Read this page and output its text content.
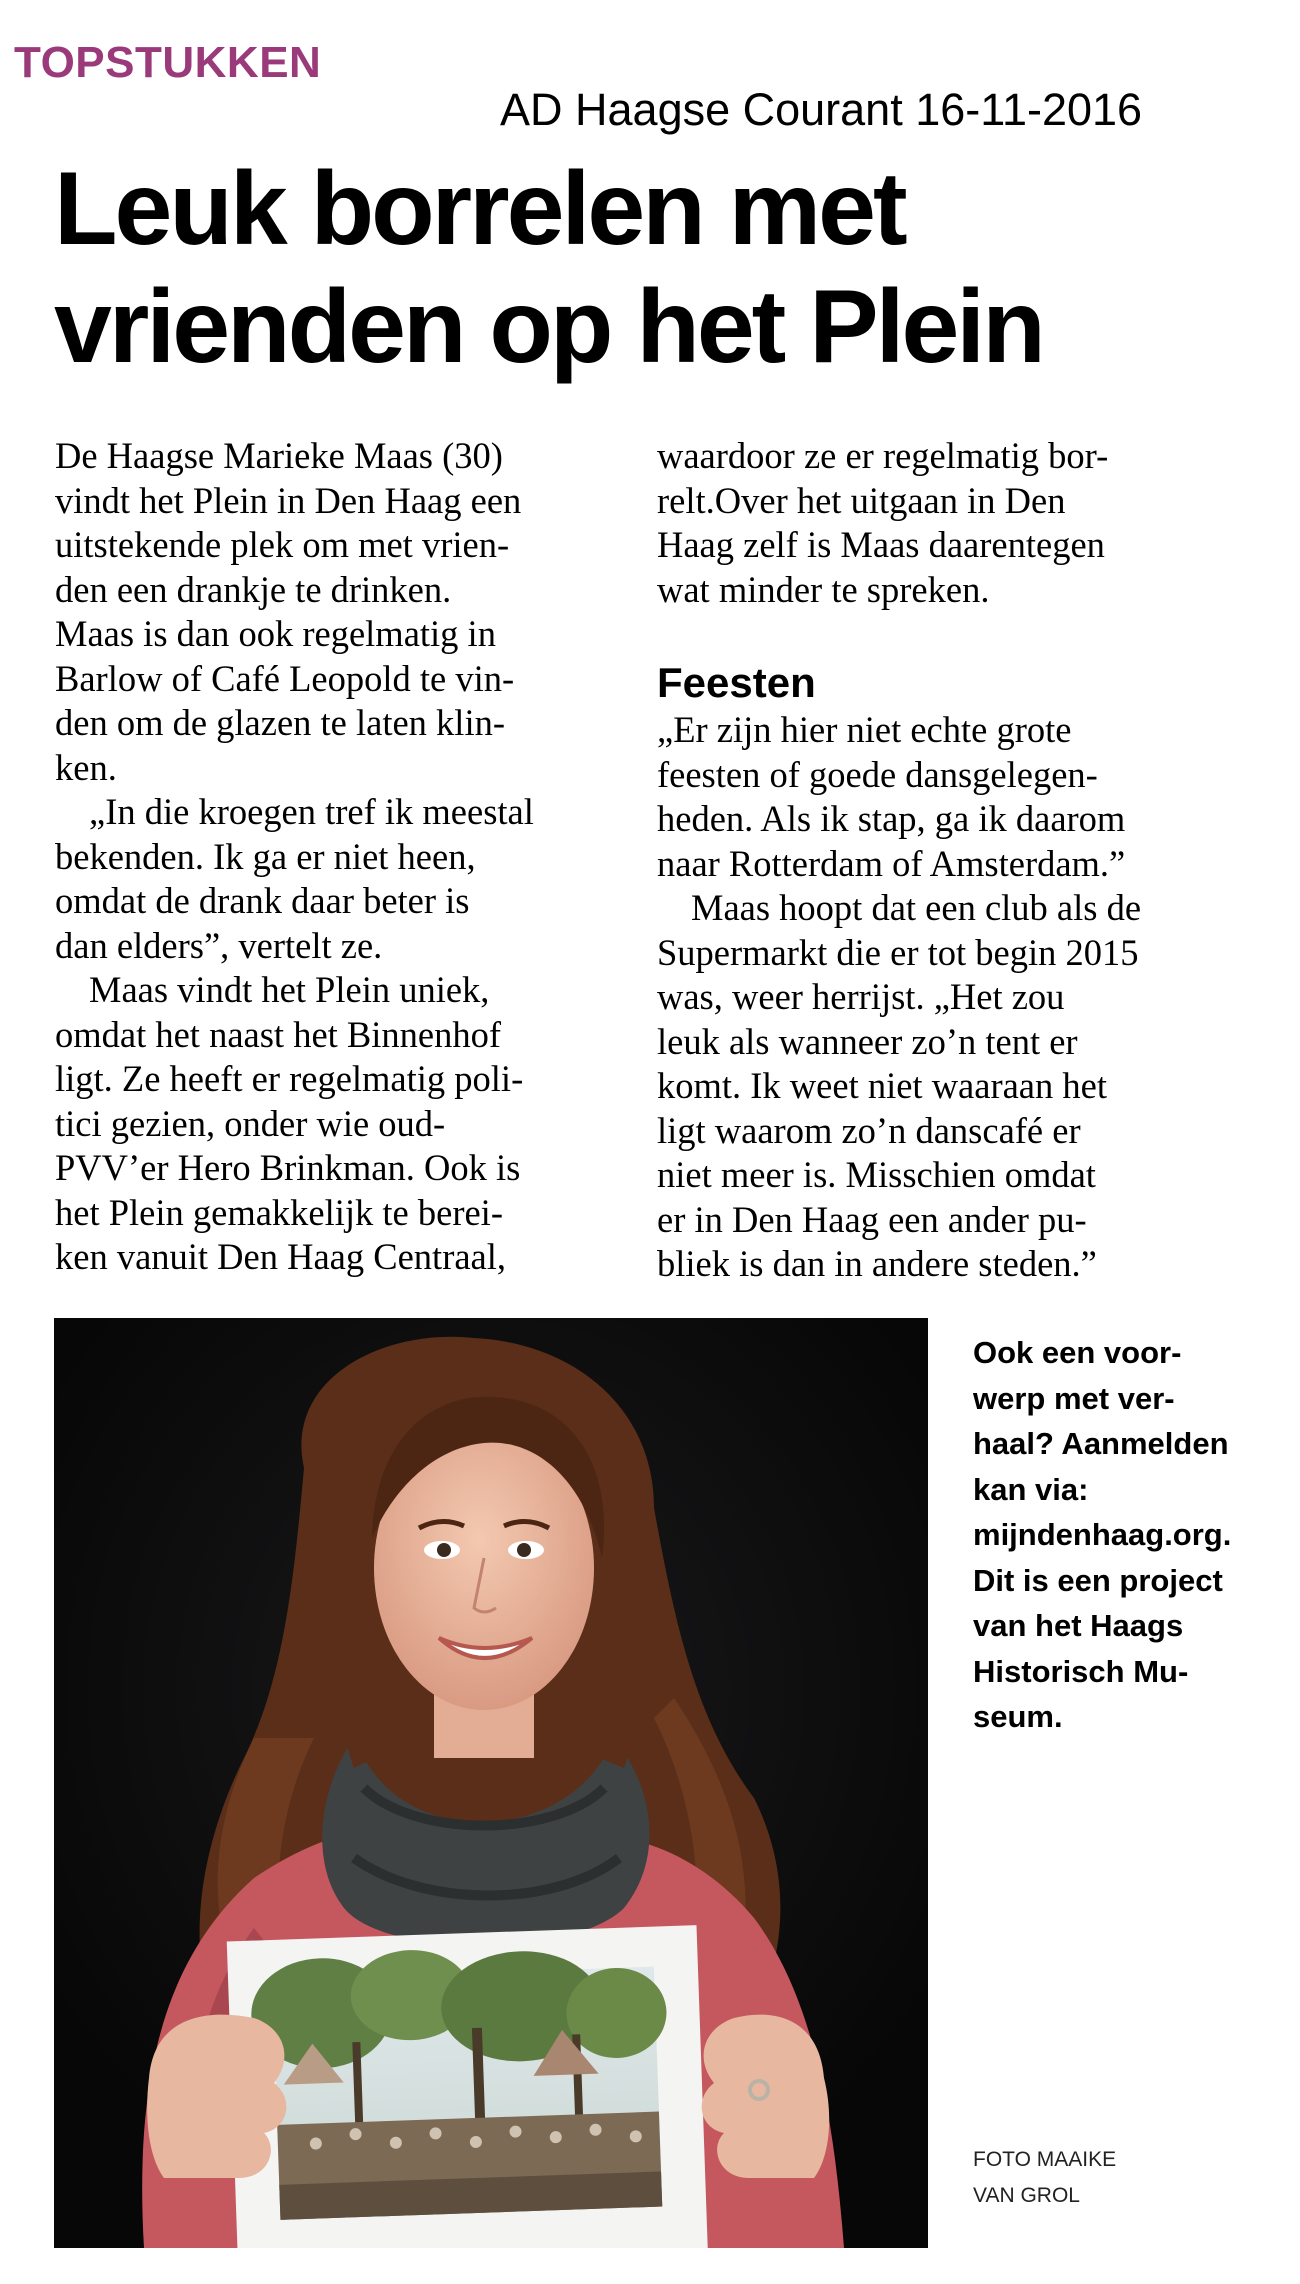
TOPSTUKKEN
AD Haagse Courant 16-11-2016
Leuk borrelen met
vrienden op het Plein

De Haagse Marieke Maas (30)
vindt het Plein in Den Haag een
uitstekende plek om met vrien-
den een drankje te drinken.
Maas is dan ook regelmatig in
Barlow of Café Leopold te vin-
den om de glazen te laten klin-
ken.

„In die kroegen tref ik meestal
bekenden. Ik ga er niet heen,
omdat de drank daar beter is
dan elders”, vertelt ze.

Maas vindt het Plein uniek,
omdat het naast het Binnenhof
ligt. Ze heeft er regelmatig poli-
tici gezien, onder wie oud-
PVV’er Hero Brinkman. Ook is
het Plein gemakkelijk te berei-
ken vanuit Den Haag Centraal,

waardoor ze er regelmatig bor-
relt.Over het uitgaan in Den
Haag zelf is Maas daarentegen
wat minder te spreken.

Feesten

„Er zijn hier niet echte grote
feesten of goede dansgelegen-
heden. Als ik stap, ga ik daarom
naar Rotterdam of Amsterdam.”

Maas hoopt dat een club als de
Supermarkt die er tot begin 2015
was, weer herrijst. „Het zou
leuk als wanneer zo’n tent er
komt. Ik weet niet waaraan het
ligt waarom zo’n danscafé er
niet meer is. Misschien omdat
er in Den Haag een ander pu-
bliek is dan in andere steden.”

Ook een voor-
werp met ver-
haal? Aanmelden
kan via:
mijndenhaag.org.
Dit is een project
van het Haags
Historisch Mu-
seum.
FOTO MAAIKE
VAN GROL
